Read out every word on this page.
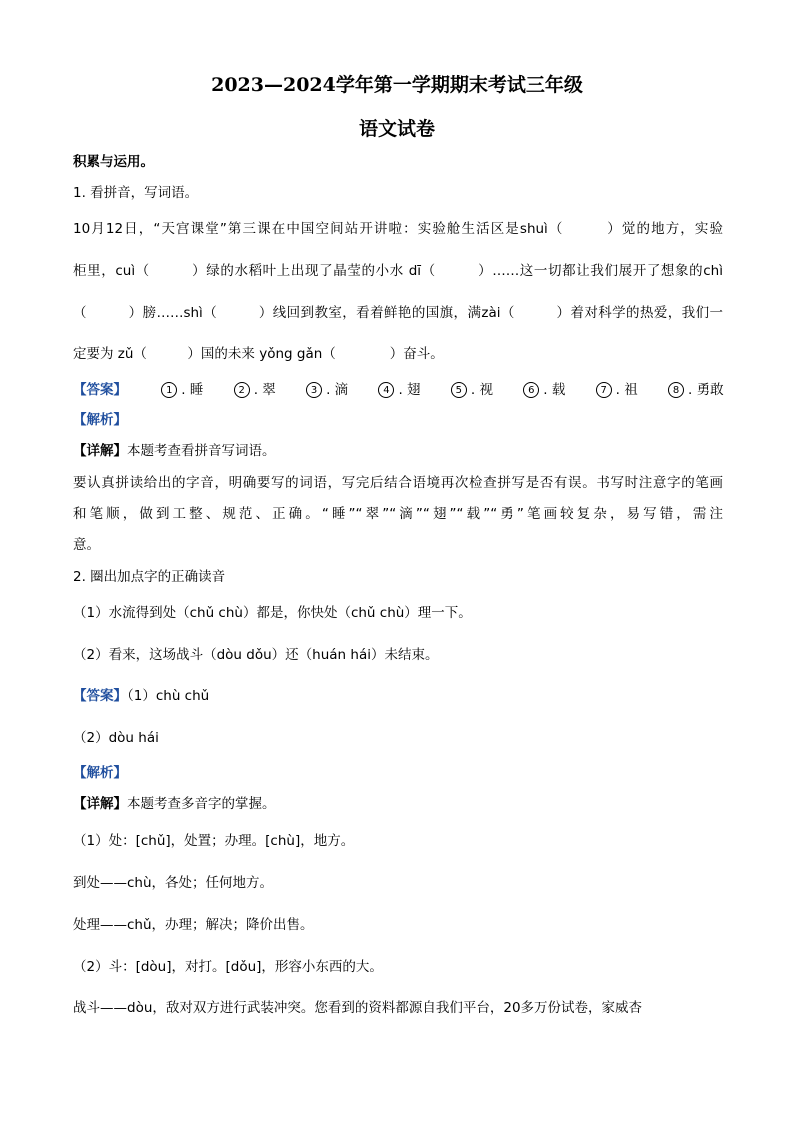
2023—2024学年第一学期期末考试三年级
语文试卷
积累与运用。
1. 看拼音，写词语。
10月12日，“天宫课堂”第三课在中国空间站开讲啦：实验舱生活区是shuì（　　　）觉的地方，实验
柜里，cuì（　　　）绿的水稻叶上出现了晶莹的小水 dī（　　　）……这一切都让我们展开了想象的chì
（　　　）膀……shì（　　　）线回到教室，看着鲜艳的国旗，满zài（　　　）着对科学的热爱，我们一
定要为 zǔ（　　　）国的未来 yǒng gǎn（　　　　）奋斗。
【答案】	1 . 睡	2 . 翠	3 . 滴	4 . 翅	5 . 视	6 . 载	7 . 祖	8 . 勇敢
【解析】
【详解】本题考查看拼音写词语。
要认真拼读给出的字音，明确要写的词语，写完后结合语境再次检查拼写是否有误。书写时注意字的笔画
和笔顺，做到工整、规范、正确。“睡”“翠”“滴”“翅”“载”“勇”笔画较复杂，易写错，需注
意。
2. 圈出加点字的正确读音
（1）水流得到处（chǔ chù）都是，你快处（chǔ chù）理一下。
（2）看来，这场战斗（dòu dǒu）还（huán hái）未结束。
【答案】（1）chù chǔ
（2）dòu hái
【解析】
【详解】本题考查多音字的掌握。
（1）处：[chǔ]，处置；办理。[chù]，地方。
到处——chù，各处；任何地方。
处理——chǔ，办理；解决；降价出售。
（2）斗：[dòu]，对打。[dǒu]，形容小东西的大。
战斗——dòu，敌对双方进行武装冲突。您看到的资料都源自我们平台，20多万份试卷，家威杏
